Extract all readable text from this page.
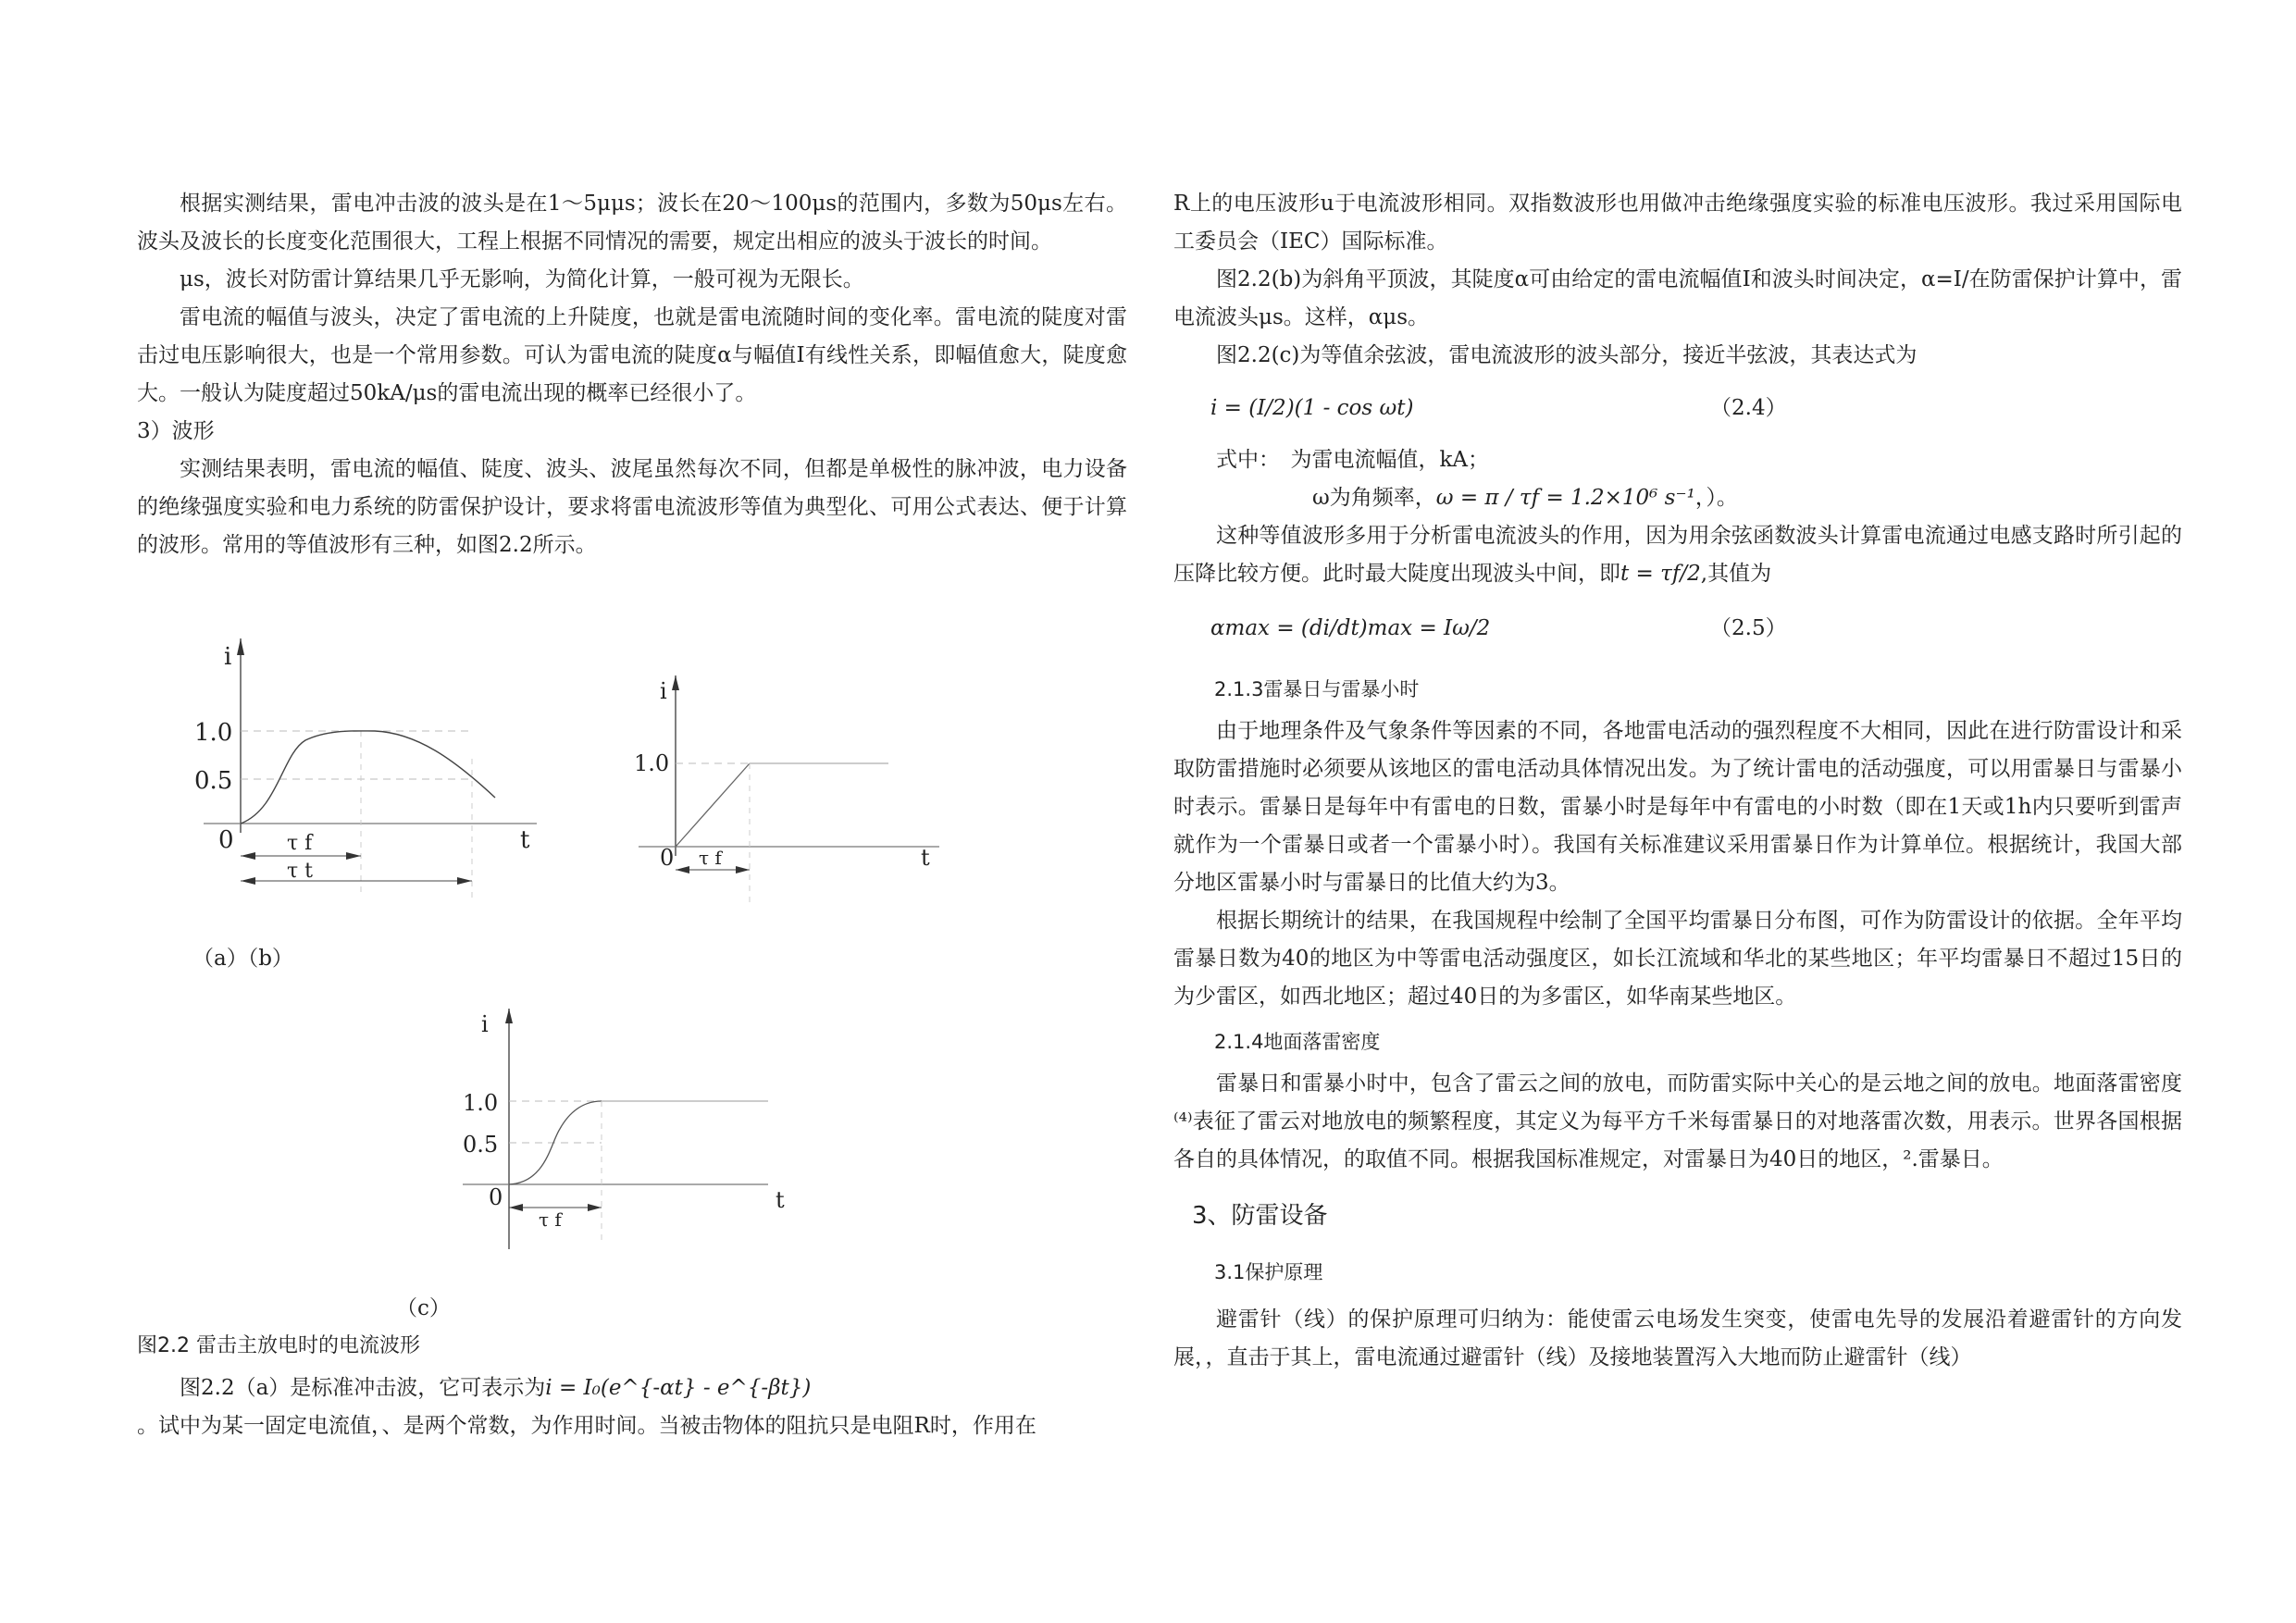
根据实测结果，雷电冲击波的波头是在1～5μμs；波长在20～100μs的范围内，多数为50μs左右。波头及波长的长度变化范围很大，工程上根据不同情况的需要，规定出相应的波头于波长的时间。

μs，波长对防雷计算结果几乎无影响，为简化计算，一般可视为无限长。

雷电流的幅值与波头，决定了雷电流的上升陡度，也就是雷电流随时间的变化率。雷电流的陡度对雷击过电压影响很大，也是一个常用参数。可认为雷电流的陡度α与幅值I有线性关系，即幅值愈大，陡度愈大。一般认为陡度超过50kA/μs的雷电流出现的概率已经很小了。

3）波形

实测结果表明，雷电流的幅值、陡度、波头、波尾虽然每次不同，但都是单极性的脉冲波，电力设备的绝缘强度实验和电力系统的防雷保护设计，要求将雷电流波形等值为典型化、可用公式表达、便于计算的波形。常用的等值波形有三种，如图2.2所示。

i
1.0
0.5
0	t
τ f
τ t
i
1.0
0	t
τ f
（a）（b）
i
1.0
0.5
0	t
τ f
（c）
图2.2 雷击主放电时的电流波形

图2.2（a）是标准冲击波，它可表示为i = I₀(e^{-αt} - e^{-βt})

。试中为某一固定电流值，、是两个常数，为作用时间。当被击物体的阻抗只是电阻R时，作用在

R上的电压波形u于电流波形相同。双指数波形也用做冲击绝缘强度实验的标准电压波形。我过采用国际电工委员会（IEC）国际标准。

图2.2(b)为斜角平顶波，其陡度α可由给定的雷电流幅值I和波头时间决定，α=I/在防雷保护计算中，雷电流波头μs。这样，αμs。

图2.2(c)为等值余弦波，雷电流波形的波头部分，接近半弦波，其表达式为

i = (I/2)(1 - cos ωt)	（2.4）

式中：　为雷电流幅值，kA；

ω为角频率，ω = π / τf = 1.2×10⁶ s⁻¹，）。

这种等值波形多用于分析雷电流波头的作用，因为用余弦函数波头计算雷电流通过电感支路时所引起的压降比较方便。此时最大陡度出现波头中间，即t = τf/2,其值为

αmax = (di/dt)max = Iω/2	（2.5）

2.1.3雷暴日与雷暴小时

由于地理条件及气象条件等因素的不同，各地雷电活动的强烈程度不大相同，因此在进行防雷设计和采取防雷措施时必须要从该地区的雷电活动具体情况出发。为了统计雷电的活动强度，可以用雷暴日与雷暴小时表示。雷暴日是每年中有雷电的日数，雷暴小时是每年中有雷电的小时数（即在1天或1h内只要听到雷声就作为一个雷暴日或者一个雷暴小时）。我国有关标准建议采用雷暴日作为计算单位。根据统计，我国大部分地区雷暴小时与雷暴日的比值大约为3。

根据长期统计的结果，在我国规程中绘制了全国平均雷暴日分布图，可作为防雷设计的依据。全年平均雷暴日数为40的地区为中等雷电活动强度区，如长江流域和华北的某些地区；年平均雷暴日不超过15日的为少雷区，如西北地区；超过40日的为多雷区，如华南某些地区。

2.1.4地面落雷密度

雷暴日和雷暴小时中，包含了雷云之间的放电，而防雷实际中关心的是云地之间的放电。地面落雷密度⁽⁴⁾表征了雷云对地放电的频繁程度，其定义为每平方千米每雷暴日的对地落雷次数，用表示。世界各国根据各自的具体情况，的取值不同。根据我国标准规定，对雷暴日为40日的地区，².雷暴日。

3、防雷设备

3.1保护原理

避雷针（线）的保护原理可归纳为：能使雷云电场发生突变，使雷电先导的发展沿着避雷针的方向发展，，直击于其上，雷电流通过避雷针（线）及接地装置泻入大地而防止避雷针（线）
